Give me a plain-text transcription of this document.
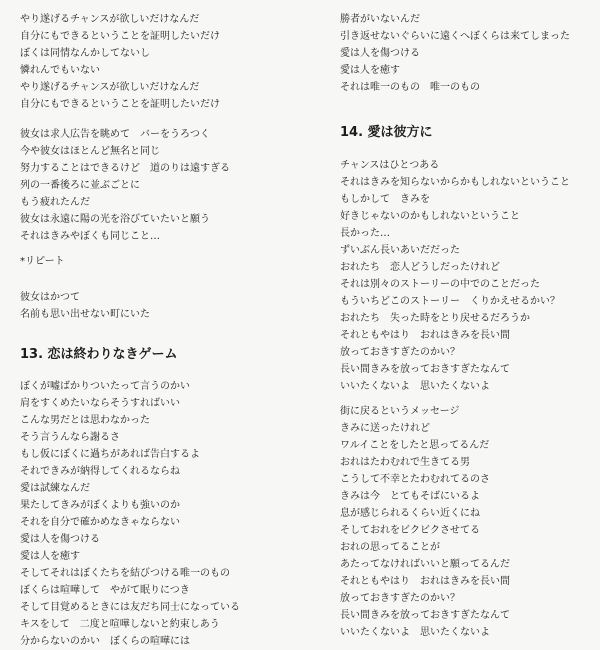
やり遂げるチャンスが欲しいだけなんだ
自分にもできるということを証明したいだけ
ぼくは同情なんかしてないし
憐れんでもいない
やり遂げるチャンスが欲しいだけなんだ
自分にもできるということを証明したいだけ
彼女は求人広告を眺めて　バーをうろつく
今や彼女はほとんど無名と同じ
努力することはできるけど　道のりは遠すぎる
列の一番後ろに並ぶごとに
もう疲れたんだ
彼女は永遠に陽の光を浴びていたいと願う
それはきみやぼくも同じこと…
*リピート
彼女はかつて
名前も思い出せない町にいた
13. 恋は終わりなきゲーム
ぼくが嘘ばかりついたって言うのかい
肩をすくめたいならそうすればいい
こんな男だとは思わなかった
そう言うんなら謝るさ
もし仮にぼくに過ちがあれば告白するよ
それできみが納得してくれるならね
愛は試練なんだ
果たしてきみがぼくよりも強いのか
それを自分で確かめなきゃならない
愛は人を傷つける
愛は人を癒す
そしてそれはぼくたちを結びつける唯一のもの
ぼくらは喧嘩して　やがて眠りにつき
そして目覚めるときには友だち同士になっている
キスをして　二度と喧嘩しないと約束しあう
分からないのかい　ぼくらの喧嘩には
勝者がいないんだ
引き返せないぐらいに遠くへぼくらは来てしまった
愛は人を傷つける
愛は人を癒す
それは唯一のもの　唯一のもの
14. 愛は彼方に
チャンスはひとつある
それはきみを知らないからかもしれないということ
もしかして　きみを
好きじゃないのかもしれないということ
長かった…
ずいぶん長いあいだだった
おれたち　恋人どうしだったけれど
それは別々のストーリーの中でのことだった
もういちどこのストーリー　くりかえせるかい？
おれたち　失った時をとり戻せるだろうか
それともやはり　おれはきみを長い間
放っておきすぎたのかい？
長い間きみを放っておきすぎたなんて
いいたくないよ　思いたくないよ
街に戻るというメッセージ
きみに送ったけれど
ワルイことをしたと思ってるんだ
おれはたわむれで生きてる男
こうして不幸とたわむれてるのさ
きみは今　とてもそばにいるよ
息が感じられるくらい近くにね
そしておれをビクビクさせてる
おれの思ってることが
あたってなければいいと願ってるんだ
それともやはり　おれはきみを長い間
放っておきすぎたのかい？
長い間きみを放っておきすぎたなんて
いいたくないよ　思いたくないよ
